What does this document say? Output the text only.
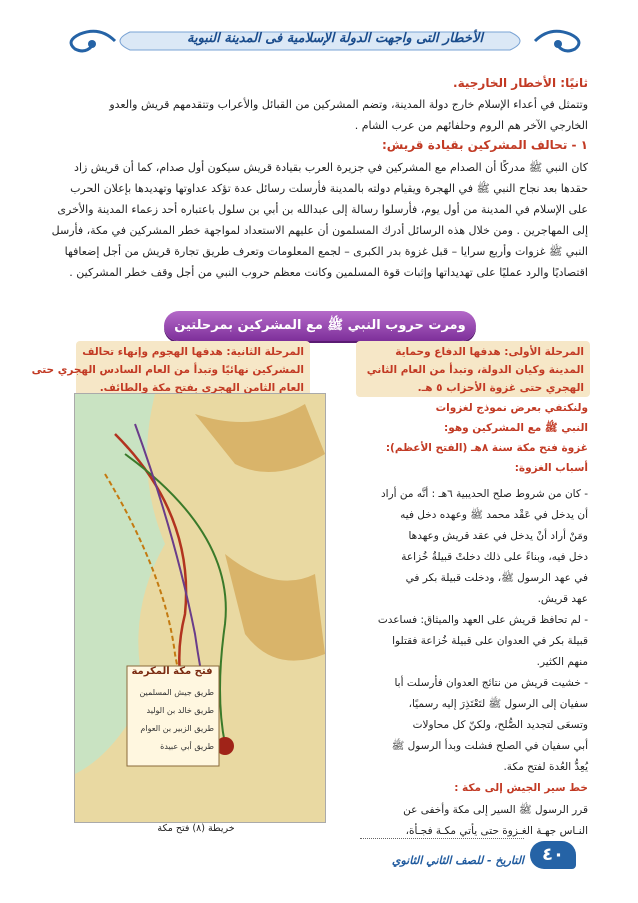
الأخطار التى واجهت الدولة الإسلامية فى المدينة النبوية
ثانيًا: الأخطار الخارجية.
وتتمثل في أعداء الإسلام خارج دولة المدينة، وتضم المشركين من القبائل والأعراب وتتقدمهم قريش والعدو
الخارجي الآخر هم الروم وحلفائهم من عرب الشام .
١ - تحالف المشركين بقيادة قريش:
كان النبي ﷺ مدركًا أن الصدام مع المشركين في جزيرة العرب بقيادة قريش سيكون أول صدام، كما أن قريش زاد
حقدها بعد نجاح النبي ﷺ في الهجرة ويقيام دولته بالمدينة فأرسلت رسائل عدة تؤكد عداوتها وتهديدها بإعلان الحرب
على الإسلام في المدينة من أول يوم، فأرسلوا رسالة إلى عبدالله بن أبي بن سلول باعتباره أحد زعماء المدينة والأخرى
إلى المهاجرين . ومن خلال هذه الرسائل أدرك المسلمون أن عليهم الاستعداد لمواجهة خطر المشركين في مكة، فأرسل
النبي ﷺ غزوات وأربع سرايا – قبل غزوة بدر الكبرى – لجمع المعلومات وتعرف طريق تجارة قريش من أجل إضعافها
اقتصاديًا والرد عمليًا على تهديداتها وإثبات قوة المسلمين وكانت معظم حروب النبي من أجل وقف خطر المشركين .
ومرت حروب النبي ﷺ مع المشركين بمرحلتين
المرحلة الأولى: هدفها الدفاع وحماية
المدينة وكيان الدولة، وتبدأ من العام الثاني
الهجري حتى غزوة الأحزاب ٥ هـ.
المرحلة الثانية: هدفها الهجوم وإنهاء تحالف
المشركين نهائيًا وتبدأ من العام السادس الهجري حتى
العام الثامن الهجري بفتح مكة والطائف.
فتح مكة المكرمة
طريق جيش المسلمين
طريق خالد بن الوليد
طريق الزبير بن العوام
طريق أبي عبيدة
خريطة (٨) فتح مكة
ولنكتفي بعرض نموذج لغزوات
النبي ﷺ مع المشركين وهو:
غزوة فتح مكة سنة ٨هـ (الفتح الأعظم):
أسباب الغزوة:
- كان من شروط صلح الحديبية ٦هـ : أنَّه من أراد
أن يدخل في عَقْد محمد ﷺ وعهده دخل فيه
ومَنْ أراد أنْ يدخل في عقد قريش وعهدها
دخل فيه، وبناءً على ذلك دخلتْ قبيلةُ خُزاعة
في عهد الرسول ﷺ، ودخلت قبيلة بكر في
عهد قريش.
- لم تحافظ قريش على العهد والميثاق: فساعدت
قبيلة بكر في العدوان على قبيلة خُزاعة فقتلوا
منهم الكثير.
- خشيت قريش من نتائج العدوان فأرسلت أبا
سفيان إلى الرسول ﷺ لتَعْتَذِرَ إليه رسميًا،
وتسعَى لتجديد الصُّلح، ولكنّ كل محاولات
أبي سفيان في الصلح فشلت وبدأ الرسول ﷺ
يُعِدُّ العُدة لفتح مكة.
خط سير الجيش إلى مكة :
قرر الرسول ﷺ السير إلى مكة وأخفى عن
النـاس جهـة الغـزوة حتى يأتي مكـة فجـأة،
٤٠
التاريخ - للصف الثاني الثانوي
